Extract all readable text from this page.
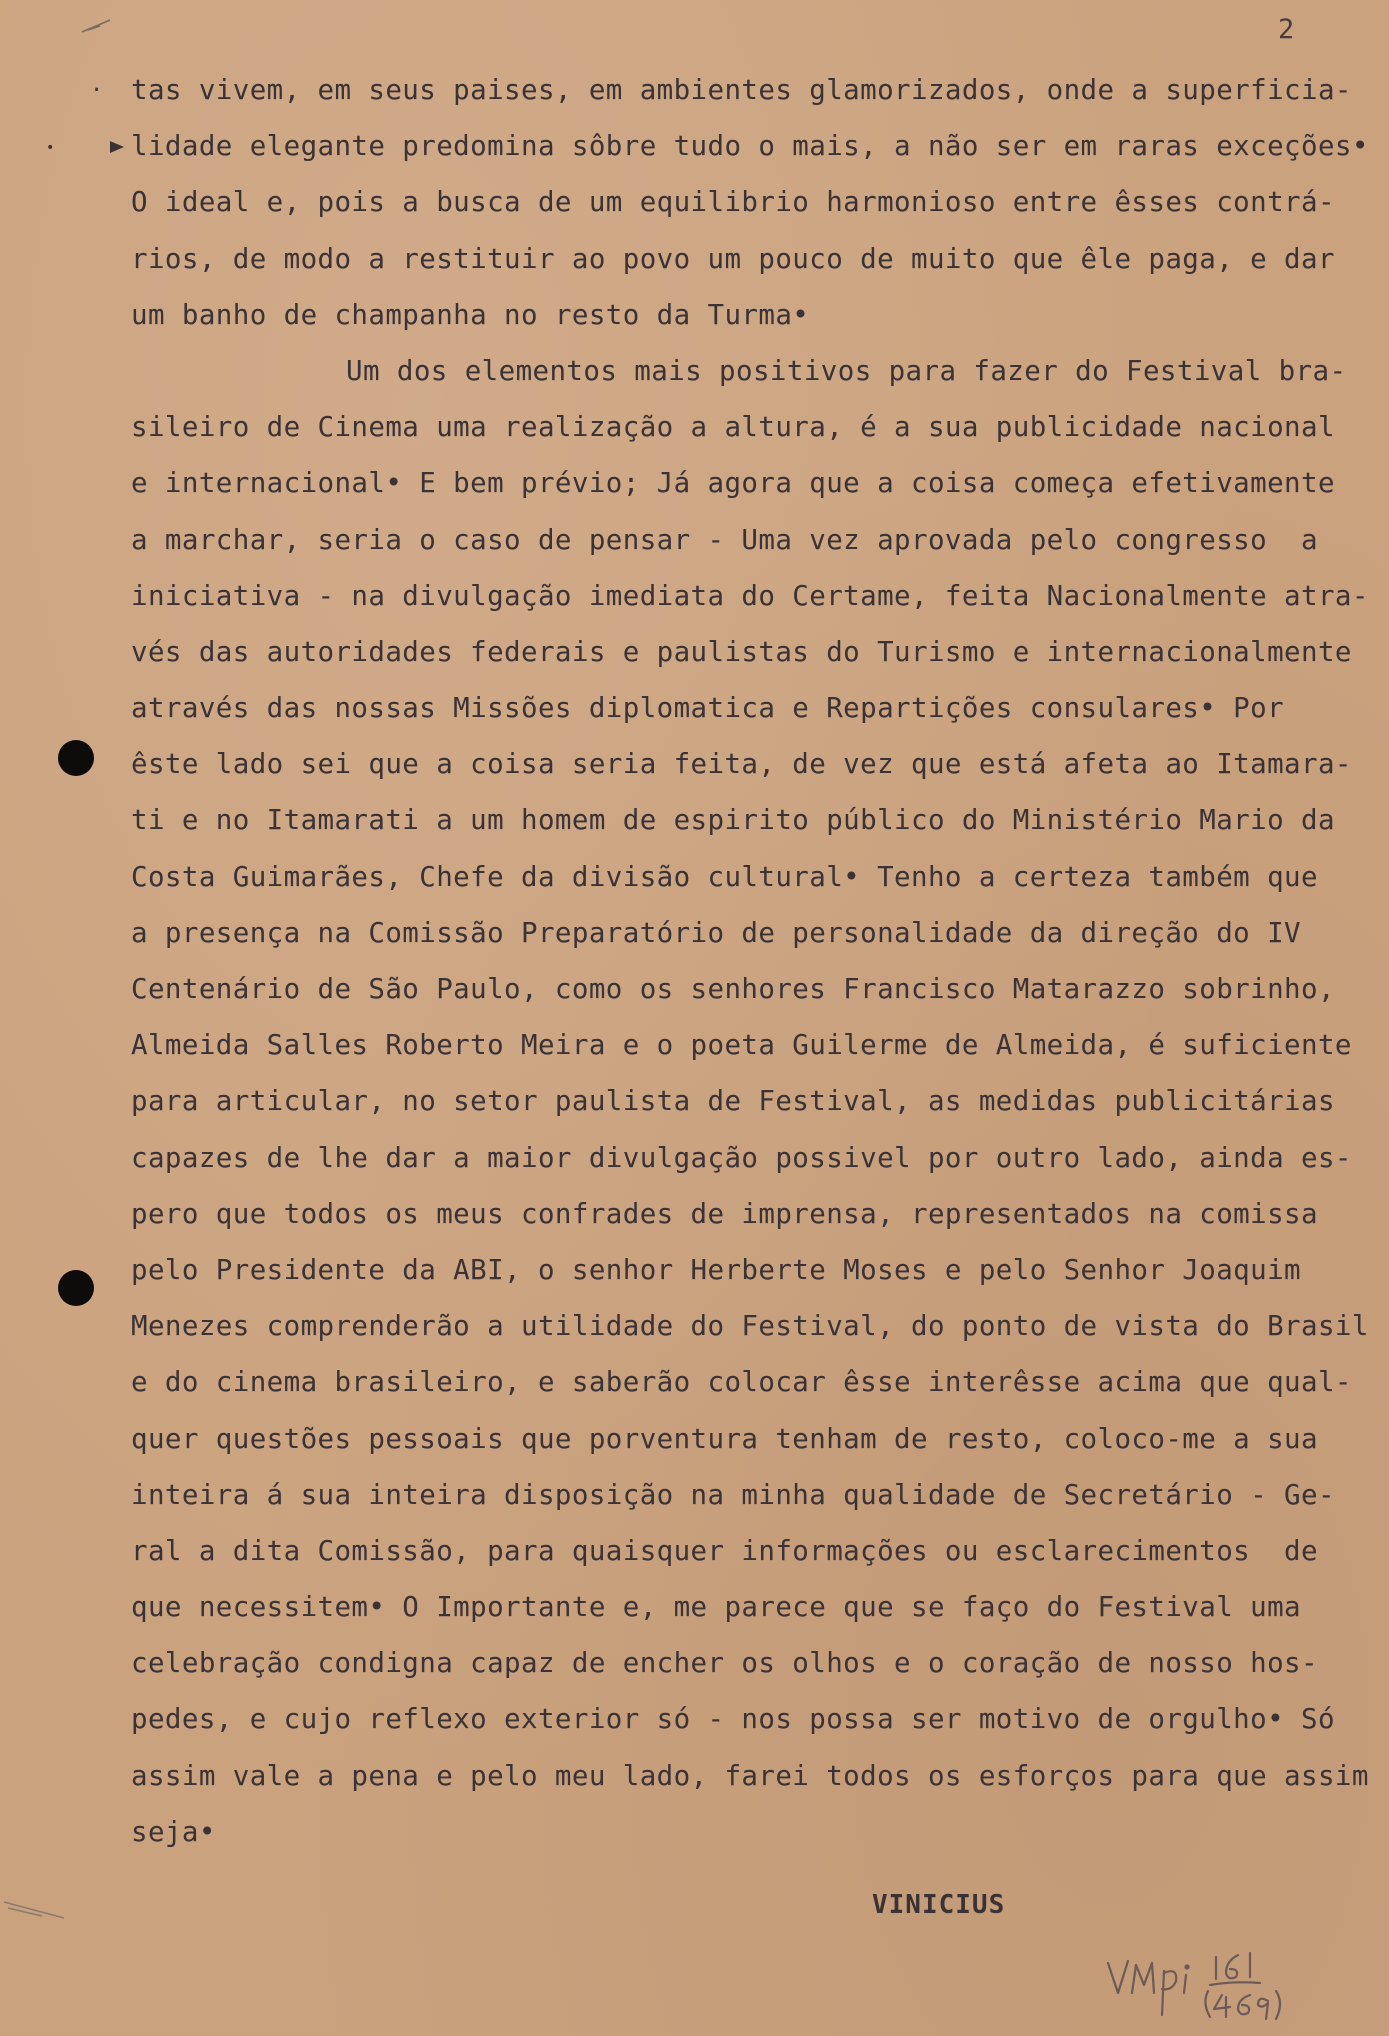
2
.
•
tas vivem, em seus paises, em ambientes glamorizados, onde a superficia-
lidade elegante predomina sôbre tudo o mais, a não ser em raras exceções•
O ideal e, pois a busca de um equilibrio harmonioso entre êsses contrá-
rios, de modo a restituir ao povo um pouco de muito que êle paga, e dar
um banho de champanha no resto da Turma•
Um dos elementos mais positivos para fazer do Festival bra-
sileiro de Cinema uma realização a altura, é a sua publicidade nacional
e internacional• E bem prévio; Já agora que a coisa começa efetivamente
a marchar, seria o caso de pensar - Uma vez aprovada pelo congresso  a
iniciativa - na divulgação imediata do Certame, feita Nacionalmente atra-
vés das autoridades federais e paulistas do Turismo e internacionalmente
através das nossas Missões diplomatica e Repartições consulares• Por
êste lado sei que a coisa seria feita, de vez que está afeta ao Itamara-
ti e no Itamarati a um homem de espirito público do Ministério Mario da
Costa Guimarães, Chefe da divisão cultural• Tenho a certeza também que
a presença na Comissão Preparatório de personalidade da direção do IV
Centenário de São Paulo, como os senhores Francisco Matarazzo sobrinho,
Almeida Salles Roberto Meira e o poeta Guilerme de Almeida, é suficiente
para articular, no setor paulista de Festival, as medidas publicitárias
capazes de lhe dar a maior divulgação possivel por outro lado, ainda es-
pero que todos os meus confrades de imprensa, representados na comissa
pelo Presidente da ABI, o senhor Herberte Moses e pelo Senhor Joaquim
Menezes comprenderão a utilidade do Festival, do ponto de vista do Brasil
e do cinema brasileiro, e saberão colocar êsse interêsse acima que qual-
quer questões pessoais que porventura tenham de resto, coloco-me a sua
inteira á sua inteira disposição na minha qualidade de Secretário - Ge-
ral a dita Comissão, para quaisquer informações ou esclarecimentos  de
que necessitem• O Importante e, me parece que se faço do Festival uma
celebração condigna capaz de encher os olhos e o coração de nosso hos-
pedes, e cujo reflexo exterior só - nos possa ser motivo de orgulho• Só
assim vale a pena e pelo meu lado, farei todos os esforços para que assim
seja•
VINICIUS
